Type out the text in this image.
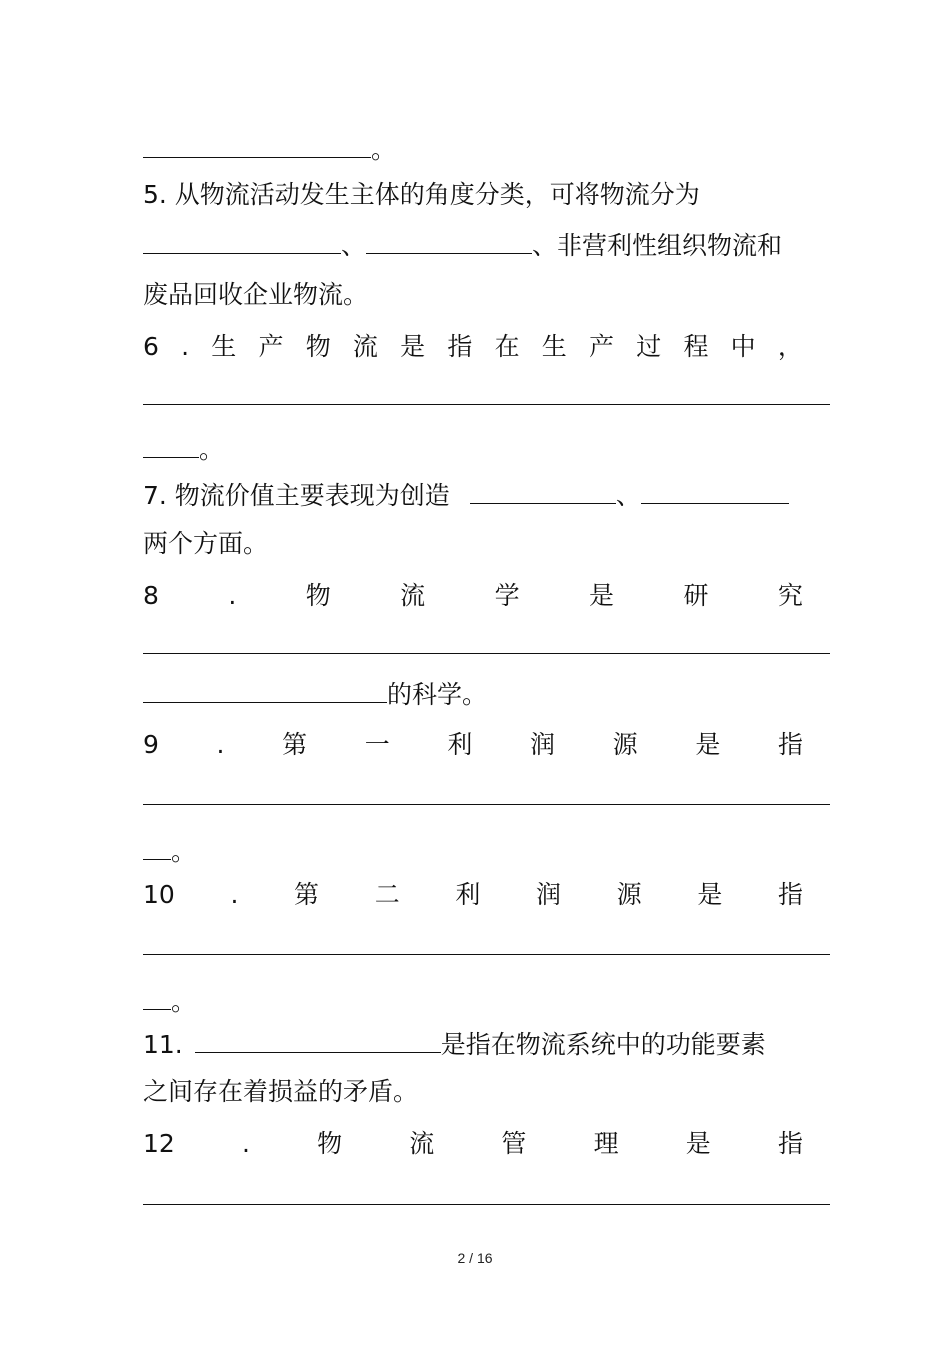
。
5. 从物流活动发生主体的角度分类，可将物流分为
、	、非营利性组织物流和
废品回收企业物流。
6 . 生 产 物 流 是 指 在 生 产 过 程 中 ，
。
7. 物流价值主要表现为创造	、
两个方面。
8	.	物	流	学	是	研	究
的科学。
9 . 第 一 利 润 源 是 指
。
10 . 第 二 利 润 源 是 指
。
11.	是指在物流系统中的功能要素
之间存在着损益的矛盾。
12	.	物	流	管	理	是	指
2 / 16
